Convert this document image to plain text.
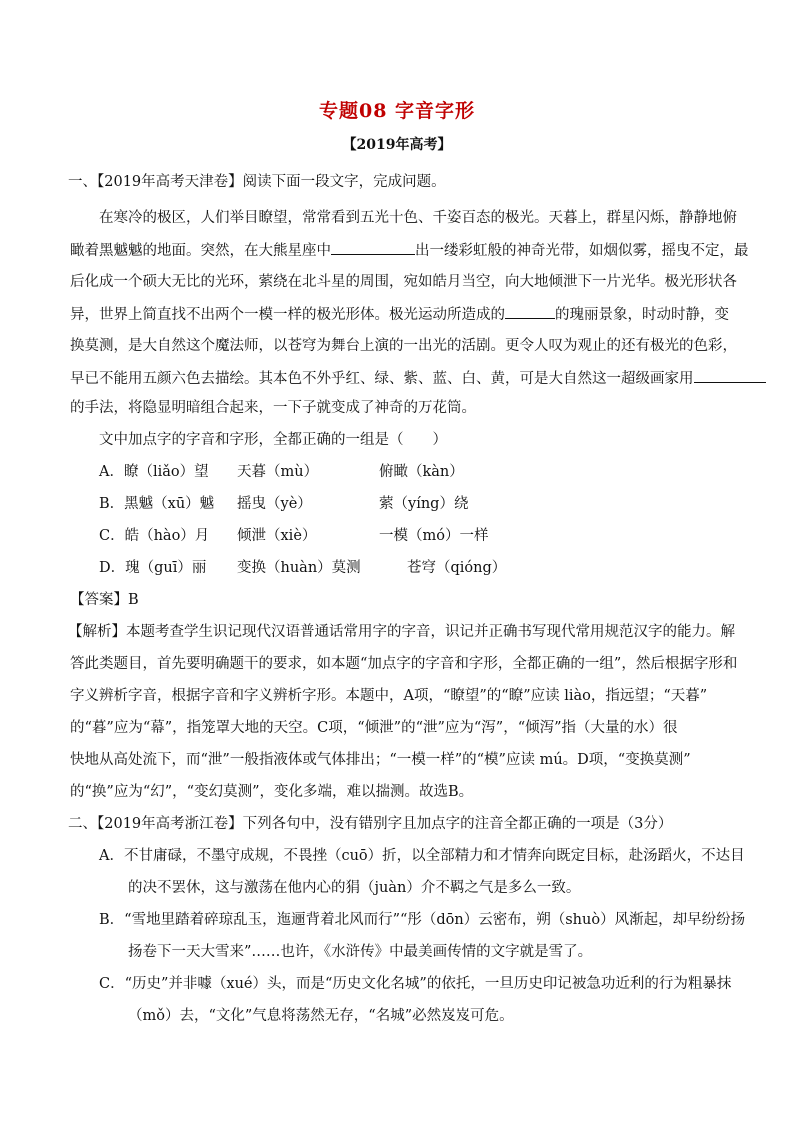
专题08 字音字形
【2019年高考】
一、【2019年高考天津卷】阅读下面一段文字，完成问题。
在寒冷的极区，人们举目瞭望，常常看到五光十色、千姿百态的极光。天暮上，群星闪烁，静静地俯
瞰着黑魆魆的地面。突然，在大熊星座中	出一缕彩虹般的神奇光带，如烟似雾，摇曳不定，最
后化成一个硕大无比的光环，萦绕在北斗星的周围，宛如皓月当空，向大地倾泄下一片光华。极光形状各
异，世界上简直找不出两个一模一样的极光形体。极光运动所造成的	的瑰丽景象，时动时静，变
换莫测，是大自然这个魔法师，以苍穹为舞台上演的一出光的活剧。更令人叹为观止的还有极光的色彩，
早已不能用五颜六色去描绘。其本色不外乎红、绿、紫、蓝、白、黄，可是大自然这一超级画家用
的手法，将隐显明暗组合起来，一下子就变成了神奇的万花筒。
文中加点字的字音和字形，全都正确的一组是（　　）
A．瞭（liǎo）望 天暮（mù）	俯瞰（kàn）
B．黑魆（xū）魆 摇曳（yè）	萦（yíng）绕
C．皓（hào）月 倾泄（xiè）	一模（mó）一样
D．瑰（guī）丽 变换（huàn）莫测	苍穹（qióng）
【答案】B
【解析】本题考查学生识记现代汉语普通话常用字的字音，识记并正确书写现代常用规范汉字的能力。解
答此类题目，首先要明确题干的要求，如本题“加点字的字音和字形，全都正确的一组”，然后根据字形和
字义辨析字音，根据字音和字义辨析字形。本题中，A项，“瞭望”的“瞭”应读 liào，指远望；“天暮”
的“暮”应为“幕”，指笼罩大地的天空。C项，“倾泄”的“泄”应为“泻”，“倾泻”指（大量的水）很
快地从高处流下，而“泄”一般指液体或气体排出；“一模一样”的“模”应读 mú。D项，“变换莫测”
的“换”应为“幻”，“变幻莫测”，变化多端，难以揣测。故选B。
二、【2019年高考浙江卷】下列各句中，没有错别字且加点字的注音全都正确的一项是（3分）
A．不甘庸碌，不墨守成规，不畏挫（cuō）折，以全部精力和才情奔向既定目标，赴汤蹈火，不达目
的决不罢休，这与激荡在他内心的狷（juàn）介不羁之气是多么一致。
B．“雪地里踏着碎琼乱玉，迤逦背着北风而行”“彤（dōn）云密布，朔（shuò）风渐起，却早纷纷扬
扬卷下一天大雪来”……也许，《水浒传》中最美画传情的文字就是雪了。
C．“历史”并非噱（xué）头，而是“历史文化名城”的依托，一旦历史印记被急功近利的行为粗暴抹
（mǒ）去，“文化”气息将荡然无存，“名城”必然岌岌可危。
